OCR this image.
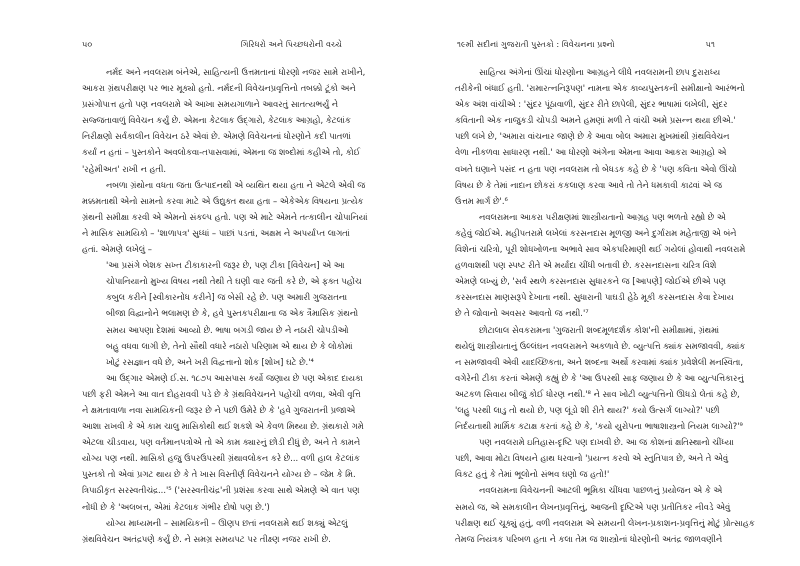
૫૦	ગિરિધરો અને પિચ્છધરોની વચ્ચે
નર્મદ અને નવલરામ બંનેએ, સાહિત્યની ઉત્તમતાનાં ધોરણો નજર સામે રાખીને,
આકરા ગ્રંથપરીક્ષણ પર ભાર મૂક્યો હતો. નર્મદની વિવેચનપ્રવૃત્તિનો તબક્કો ટૂંકો અને
પ્રસંગોપાત્ત હતો પણ નવલરામે એ આખા સમયગાળાને આવરતું સાતત્યભર્યું ને
સજ્જતાવાળું વિવેચન કર્યું છે. એમના કેટલાક ઉદ્ગારો, કેટલાક આગ્રહો, કેટલાંક
નિરીક્ષણો સર્વકાલીન વિવેચન ઠરે એવાં છે. એમણે વિવેચનનાં ધોરણોને કદી પાતળાં
કર્યાં ન હતાં – પુસ્તકોને અવલોકવા-તપાસવામાં, એમના જ શબ્દોમાં કહીએ તો, કોઈ
'રહેમીઅત' રાખી ન હતી.
નબળા ગ્રંથોના વધતા જતા ઉત્પાદનથી એ વ્યથિત થયા હતા ને એટલે એવી જ
મક્કમતાથી એનો સામનો કરવા માટે એ ઉદ્યુક્ત થયા હતા – એકેએક વિષયના પ્રત્યેક
ગ્રંથની સમીક્ષા કરવી એ એમનો સંકલ્પ હતો. પણ એ માટે એમને તત્કાલીન ચોપાનિયાં
ને માસિક સામયિકો – 'શાળાપત્ર' સુધ્ધાં – પાછાં પડતાં, અક્ષમ ને અપર્યાપ્ત લાગતાં
હતાં. એમણે લખેલું –
'આ પ્રસંગે બેશક સખ્ત ટીકાકારની જરૂર છે, પણ ટીકા [વિવેચન] એ આ
ચોપાનિયાનો મુખ્ય વિષય નથી તેથી તે ઘણી વાર જતી કરે છે, એ ફક્ત પહોંચ
કબુલ કરીને [સ્વીકારનોંધ કરીને] જ બેસી રહે છે. પણ અમારી ગુજરાતના
બીજા વિદ્વાનોને ભલામણ છે કે, હવે પુસ્તકપરીક્ષાના જ એક ત્રૈમાસિક ગ્રંથનો
સમય આપણા દેશમાં આવ્યો છે. ભાષા બગડી જાય છે ને નઠારી ચોપડીઓ
બહુ વધવા લાગી છે, તેનો સૌથી વધારે નઠારો પરિણામ એ થાય છે કે લોકોમાં
ખોટું રસજ્ઞાન વધે છે, અને ખરી વિદ્વત્તાનો શોક [શોખ] ઘટે છે.'⁴
આ ઉદ્ગાર એમણે ઈ.સ. ૧૮૭૫ આસપાસ કર્યો જણાય છે પણ એકાદ દાયકા
પછી ફરી એમને આ વાત દોહરાવવી પડે છે કે ગ્રંથવિવેચનને પહોંચી વળવા, એવી વૃત્તિ
ને ક્ષમતાવાળા નવા સામયિકની જરૂર છે ને પછી ઉમેરે છે કે 'હવે ગુજરાતની પ્રજાએ
આશા રાખવી કે એ કામ ચાલુ માસિકોથી થઈ શકશે એ કેવળ મિથ્યા છે. ગ્રંથકારો ગમે
એટલા ચીડવાય, પણ વર્તમાનપત્રોએ તો એ કામ ક્યારનું છોડી દીધું છે, અને તે કામને
યોગ્ય પણ નથી. માસિકો હજુ ઉપરઉપરથી ગ્રંથાવલોકન કરે છે... વળી હાલ કેટલાંક
પુસ્તકો તો એવાં પ્રગટ થાય છે કે તે ખાસ વિસ્તીર્ણ વિવેચનને યોગ્ય છે – જેમ કે મિ.
ત્રિપાઠીકૃત સરસ્વતીચંદ્ર...'⁵ ('સરસ્વતીચંદ્ર'ની પ્રશંસા કરવા સાથે એમણે એ વાત પણ
નોંધી છે કે 'અલબત્ત, એમાં કેટલાક ગંભીર દોષો પણ છે.')
યોગ્ય માધ્યમની – સામયિકની – ઊણપ છતાં નવલરામે થઈ શક્યું એટલું
ગ્રંથવિવેચન અતંદ્રપણે કર્યું છે. ને સમગ્ર સમયપટ પર તીક્ષ્ણ નજર રાખી છે.
૧૯મી સદીનાં ગુજરાતી પુસ્તકો : વિવેચનના પ્રશ્નો	૫૧
સાહિત્ય અંગેનાં ઊંચાં ધોરણોના આગ્રહને લીધે નવલરામની છાપ દુરારાધ્ય
તરીકેની બંધાઈ હતી. 'રામારત્નનિરૂપણ' નામના એક કાવ્યપુસ્તકની સમીક્ષાનો આરંભનો
એક અંશ વાંચીએ : 'સુંદર પૂંઠાવાળી, સુંદર રીતે છાપેલી, સુંદર ભાષામાં લખેલી, સુંદર
કવિતાની એક નાજુકડી ચોપડી અમને હમણાં મળી તે વાંચી અમે પ્રસન્ન થયા છીએ.'
પછી લખે છે, 'અમારા વાંચનાર જાણે છે કે આવા બોલ અમારા મુખમાંથી ગ્રંથવિવેચન
વેળા નીકળવા સાધારણ નથી.' આ ધોરણો અંગેના એમના આવા આકરા આગ્રહો એ
વખતે ઘણાને પસંદ ન હતા પણ નવલરામ તો બેધડક કહે છે કે 'પણ કવિતા એવો ઊંચો
વિષય છે કે તેમાં નાદાન છોકરાં કકલાણ કરવા આવે તો તેને ધમકાવી કાઢવાં એ જ
ઉત્તમ માર્ગ છે'.⁶
નવલરામના આકરા પરીક્ષણમાં શાસ્ત્રીયતાનો આગ્રહ પણ ભળતો રહ્યો છે એ
કહેવું જોઈએ. મહીપતરામે લખેલાં કરસનદાસ મૂળજી અને દુર્ગારામ મહેતાજી એ બંને
વિશેનાં ચરિત્રો, પૂરી શોધખોળના અભાવે સાવ એકપરિમાણી થઈ ગયેલાં હોવાથી નવલરામે
હળવાશથી પણ સ્પષ્ટ રીતે એ મર્યાદા ચીંધી બતાવી છે. કરસનદાસના ચરિત્ર વિશે
એમણે લખ્યું છે, 'સર્વ સ્થળે કરસનદાસ સુધારકને જ [આપણે] જોઈએ છીએ પણ
કરસનદાસ માણસરૂપે દેખાતા નથી. સુધારાની પાઘડી હેઠે મૂકી કરસનદાસ કેવા દેખાય
છે તે જોવાનો અવસર આવતો જ નથી.'⁷
છોટાલાલ સેવકરામના 'ગુજરાતી શબ્દમૂળદર્શક કોશ'ની સમીક્ષામાં, ગ્રંથમાં
થયેલું શાસ્ત્રીયતાનું ઉલ્લંઘન નવલરામને અકળાવે છે. વ્યુત્પત્તિ ક્યાંક સમજાવવી, ક્યાંક
ન સમજાવવી એવી યાદચ્છિકતા, અને શબ્દના અર્થો કરવામાં ક્યાંક પ્રવેશેલી મનસ્વિતા,
વગેરેની ટીકા કરતાં એમણે કહ્યું છે કે 'આ ઉપરથી સાફ જણાય છે કે આ વ્યુત્પત્તિકારનું
અટકળ સિવાય બીજું કોઈ ધોરણ નથી.'⁸ ને સાવ ખોટી વ્યુત્પત્તિનો ઊધડો લેતાં કહે છે,
'લહુ પરથી લાડુ તો થયો છે, પણ લૂંડો શી રીતે થાય?' કયો ઉત્સર્ગ લાગ્યો?' પછી
નિર્દયતાથી માર્મિક કટાક્ષ કરતાં કહે છે કે, 'કયો યુરોપના ભાષાશાસ્ત્રનો નિયમ લાગ્યો?'⁹
પણ નવલરામે ઇતિહાસ-દૃષ્ટિ પણ દાખવી છે. આ જ કોશનાં ક્ષતિસ્થાનો ચીંધ્યા
પછી, આવા મોટા વિષયને હાથ ધરવાનો 'પ્રયત્ન કરવો એ સ્તુતિપાત્ર છે, અને તે એવું
વિકટ હતું કે તેમાં ભૂલોનો સંભવ ઘણો જ હતો!'
નવલરામના વિવેચનની આટલી ભૂમિકા ચીંધવા પાછળનું પ્રયોજન એ કે એ
સમયે જ, એ સમકાલીન લેખનપ્રવૃત્તિનું, આજની દૃષ્ટિએ પણ પ્રતીતિકર નીવડે એવું
પરીક્ષણ થઈ ચૂક્યું હતું, વળી નવલરામ એ સમયની લેખન-પ્રકાશન-પ્રવૃત્તિનું મોટું પ્રોત્સાહક
તેમજ નિયંત્રક પરિબળ હતા ને કલા તેમ જ શાસ્ત્રોનાં ધોરણોની અતંદ્ર જાળવણીને
